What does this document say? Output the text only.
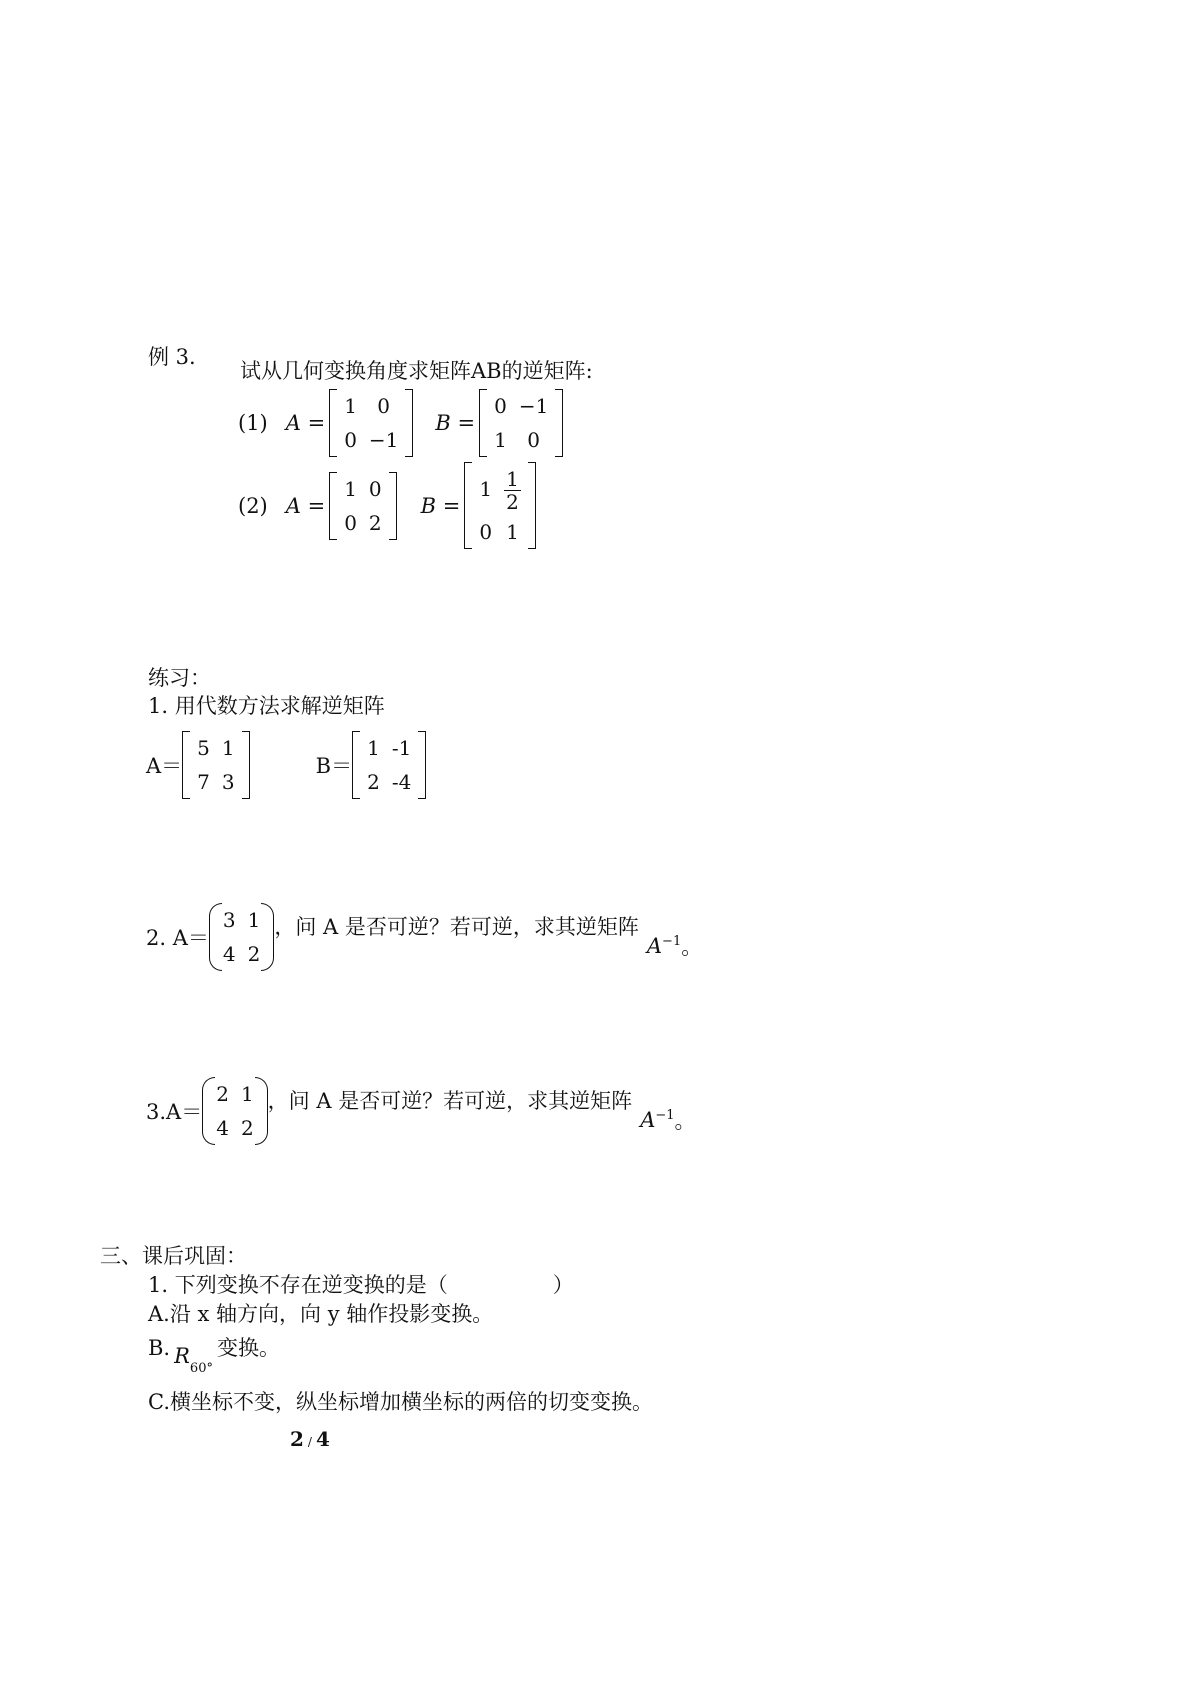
例 3.
试从几何变换角度求矩阵AB的逆矩阵:
(1) A =
1	0
0	−1
B =
0	−1
1	0
(2) A =
1	0
0	2
B =
1	$\frac{1}{2}$

0	1
练习：
1. 用代数方法求解逆矩阵
A＝
5	1
7	3
B＝
1	-1
2	-4
2. A＝
3	1
4	2
，问 A 是否可逆？若可逆，求其逆矩阵
$A^{-1}$ 。
3.A＝
2	1
4	2
，问 A 是否可逆？若可逆，求其逆矩阵
$A^{-1}$ 。
三、课后巩固：
1. 下列变换不存在逆变换的是（　　　　　）
A.沿 x 轴方向，向 y 轴作投影变换。
B. $R_{60^\circ}$变换。
C.横坐标不变，纵坐标增加横坐标的两倍的切变变换。
2 / 4
